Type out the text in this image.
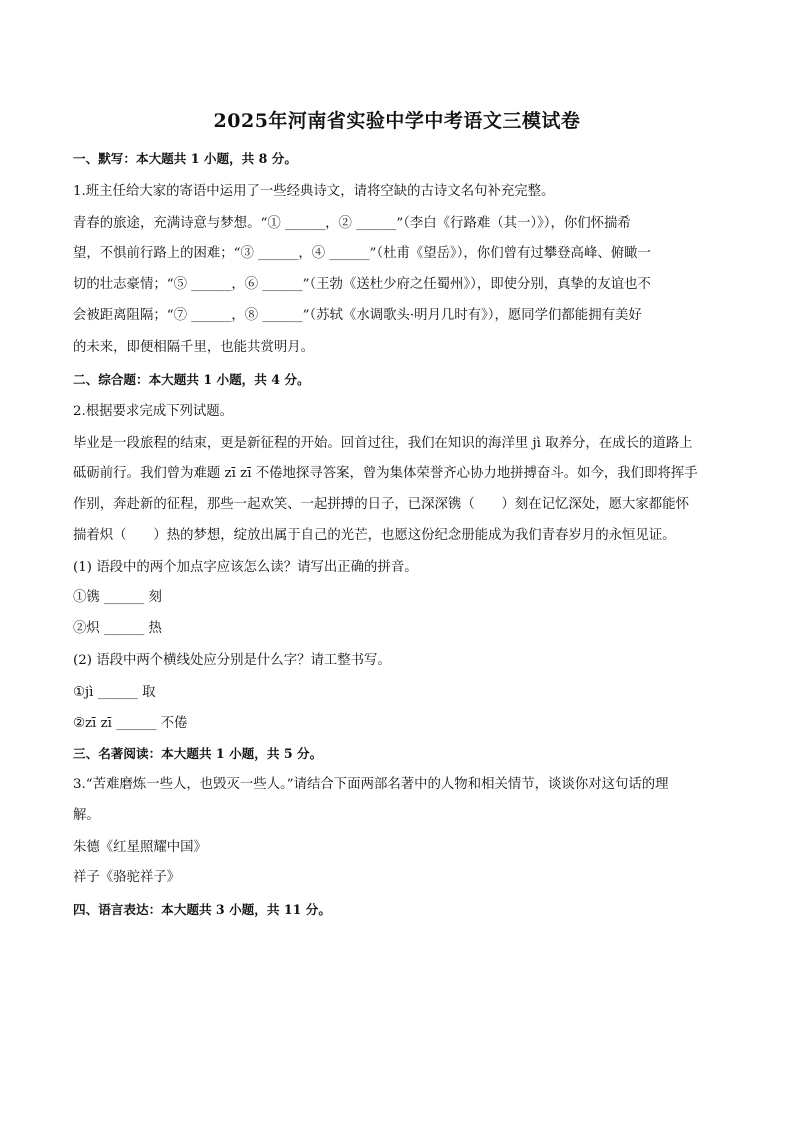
2025年河南省实验中学中考语文三模试卷
一、默写：本大题共 1 小题，共 8 分。
1.班主任给大家的寄语中运用了一些经典诗文，请将空缺的古诗文名句补充完整。
青春的旅途，充满诗意与梦想。“① ______，② ______”（李白《行路难（其一）》），你们怀揣希
望，不惧前行路上的困难；“③ ______，④ ______”（杜甫《望岳》），你们曾有过攀登高峰、俯瞰一
切的壮志豪情；“⑤ ______，⑥ ______”（王勃《送杜少府之任蜀州》），即使分别，真挚的友谊也不
会被距离阻隔；“⑦ ______，⑧ ______”（苏轼《水调歌头·明月几时有》），愿同学们都能拥有美好
的未来，即便相隔千里，也能共赏明月。
二、综合题：本大题共 1 小题，共 4 分。
2.根据要求完成下列试题。
毕业是一段旅程的结束，更是新征程的开始。回首过往，我们在知识的海洋里 jì 取养分，在成长的道路上
砥砺前行。我们曾为难题 zī zī 不倦地探寻答案，曾为集体荣誉齐心协力地拼搏奋斗。如今，我们即将挥手
作别，奔赴新的征程，那些一起欢笑、一起拼搏的日子，已深深镌（　　）刻在记忆深处，愿大家都能怀
揣着炽（　　）热的梦想，绽放出属于自己的光芒，也愿这份纪念册能成为我们青春岁月的永恒见证。
(1) 语段中的两个加点字应该怎么读？请写出正确的拼音。
①镌 ______ 刻
②炽 ______ 热
(2) 语段中两个横线处应分别是什么字？请工整书写。
①jì ______ 取
②zī zī ______ 不倦
三、名著阅读：本大题共 1 小题，共 5 分。
3.“苦难磨炼一些人，也毁灭一些人。”请结合下面两部名著中的人物和相关情节，谈谈你对这句话的理
解。
朱德《红星照耀中国》
祥子《骆驼祥子》
四、语言表达：本大题共 3 小题，共 11 分。
